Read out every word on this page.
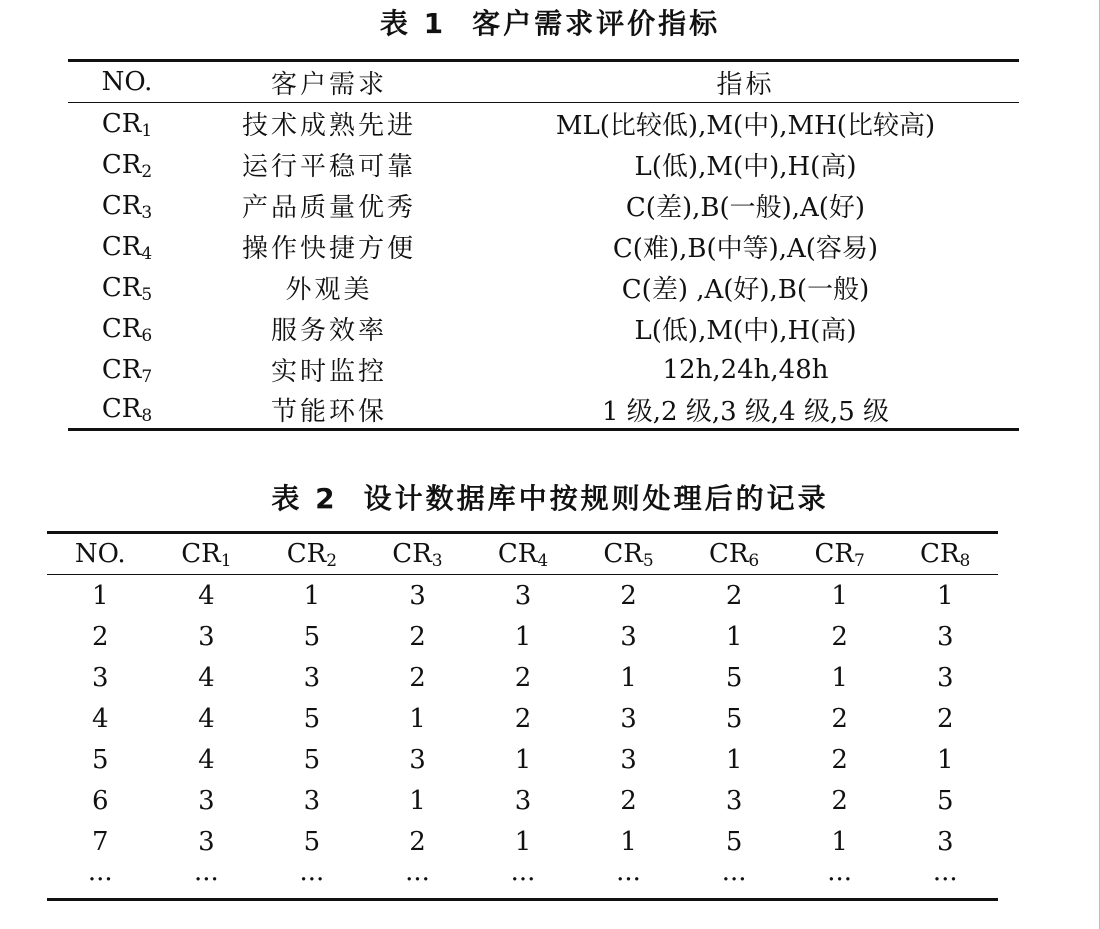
表 1 客户需求评价指标
NO.	客户需求	指标
$CR_1$	技术成熟先进	ML(比较低),M(中),MH(比较高)
$CR_2$	运行平稳可靠	L(低),M(中),H(高)
$CR_3$	产品质量优秀	C(差),B(一般),A(好)
$CR_4$	操作快捷方便	C(难),B(中等),A(容易)
$CR_5$	外观美	C(差) ,A(好),B(一般)
$CR_6$	服务效率	L(低),M(中),H(高)
$CR_7$	实时监控	12h,24h,48h
$CR_8$	节能环保	1 级,2 级,3 级,4 级,5 级
表 2 设计数据库中按规则处理后的记录
NO.	$CR_1$	$CR_2$	$CR_3$	$CR_4$	$CR_5$	$CR_6$	$CR_7$	$CR_8$
1	4	1	3	3	2	2	1	1
2	3	5	2	1	3	1	2	3
3	4	3	2	2	1	5	1	3
4	4	5	1	2	3	5	2	2
5	4	5	3	1	3	1	2	1
6	3	3	1	3	2	3	2	5
7	3	5	2	1	1	5	1	3
···	···	···	···	···	···	···	···	···
